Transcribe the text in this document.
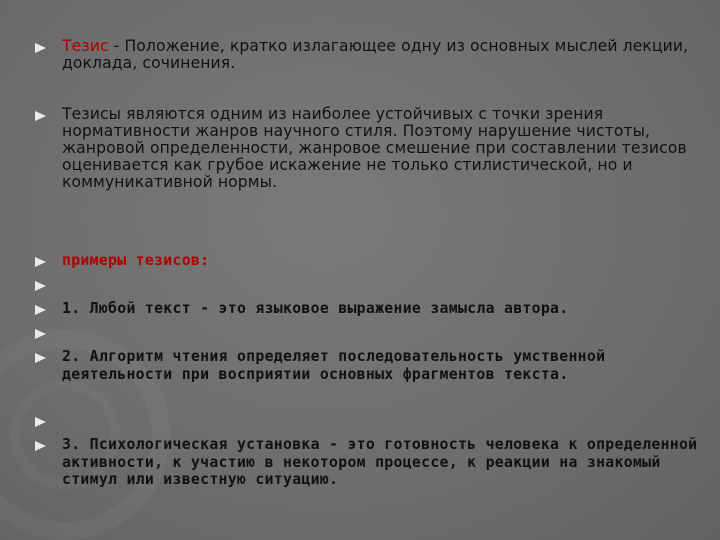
Тезис - Положение, кратко излагающее одну из основных мыслей лекции, доклада, сочинения.
Тезисы являются одним из наиболее устойчивых с точки зрения нормативности жанров научного стиля. Поэтому нарушение чистоты, жанровой определенности, жанровое смешение при составлении тезисов оценивается как грубое искажение не только стилистической, но и коммуникативной нормы.
примеры тезисов:
1. Любой текст - это языковое выражение замысла автора.
2. Алгоритм чтения определяет последовательность умственной деятельности при восприятии основных фрагментов текста.
3. Психологическая установка - это готовность человека к определенной активности, к участию в некотором процессе, к реакции на знакомый стимул или известную ситуацию.
